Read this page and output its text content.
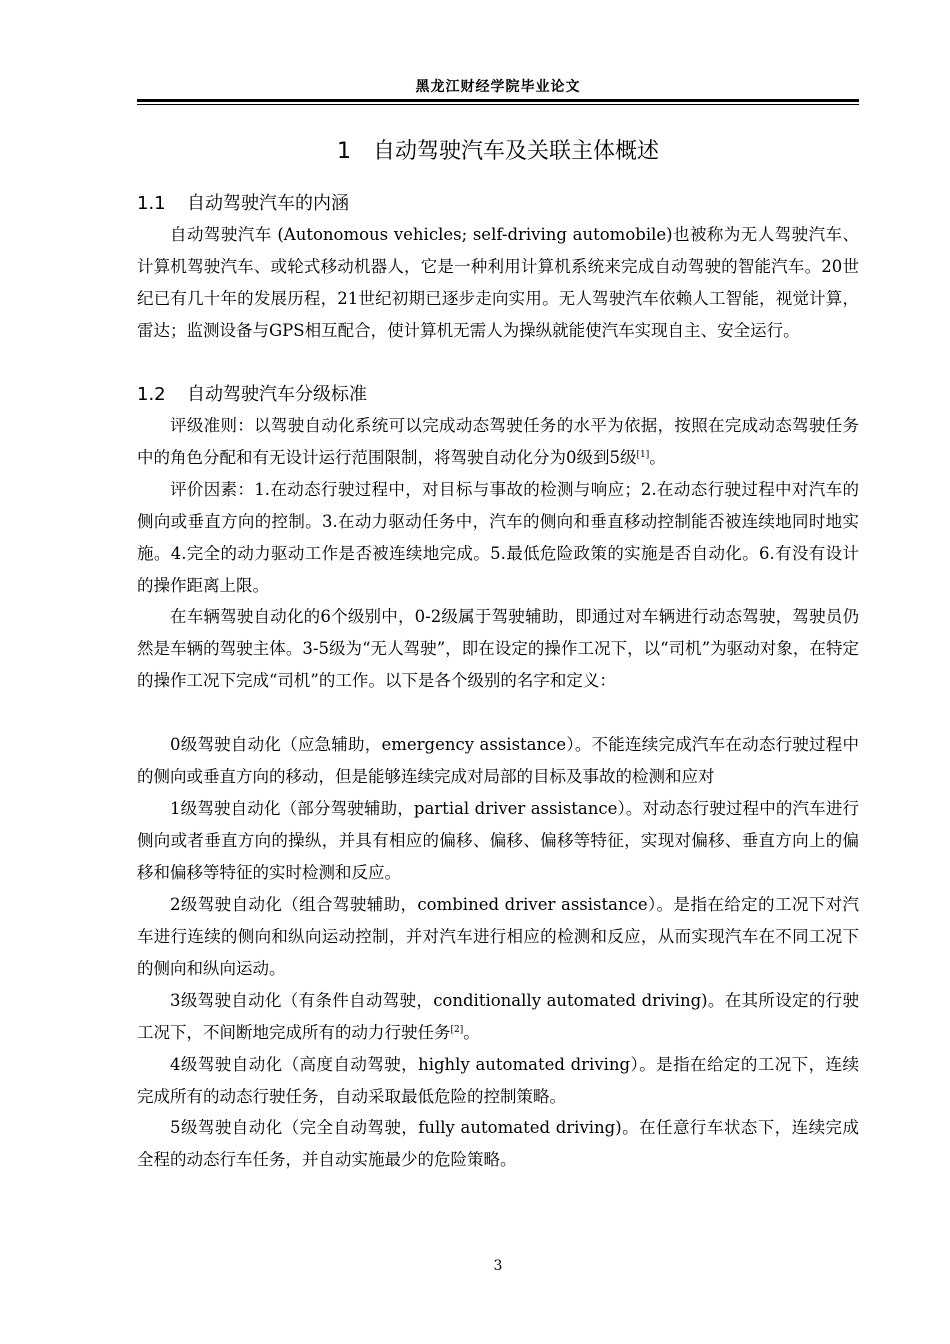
黑龙江财经学院毕业论文
1 自动驾驶汽车及关联主体概述
1.1 自动驾驶汽车的内涵
自动驾驶汽车 (Autonomous vehicles; self-driving automobile)也被称为无人驾驶汽车、计算机驾驶汽车、或轮式移动机器人，它是一种利用计算机系统来完成自动驾驶的智能汽车。20世纪已有几十年的发展历程，21世纪初期已逐步走向实用。无人驾驶汽车依赖人工智能，视觉计算，雷达；监测设备与GPS相互配合，使计算机无需人为操纵就能使汽车实现自主、安全运行。
1.2 自动驾驶汽车分级标准
评级准则：以驾驶自动化系统可以完成动态驾驶任务的水平为依据，按照在完成动态驾驶任务中的角色分配和有无设计运行范围限制，将驾驶自动化分为0级到5级[1]。
评价因素：1.在动态行驶过程中，对目标与事故的检测与响应；2.在动态行驶过程中对汽车的侧向或垂直方向的控制。3.在动力驱动任务中，汽车的侧向和垂直移动控制能否被连续地同时地实施。4.完全的动力驱动工作是否被连续地完成。5.最低危险政策的实施是否自动化。6.有没有设计的操作距离上限。
在车辆驾驶自动化的6个级别中，0-2级属于驾驶辅助，即通过对车辆进行动态驾驶，驾驶员仍然是车辆的驾驶主体。3-5级为“无人驾驶”，即在设定的操作工况下，以“司机”为驱动对象，在特定的操作工况下完成“司机”的工作。以下是各个级别的名字和定义：
0级驾驶自动化（应急辅助，emergency assistance）。不能连续完成汽车在动态行驶过程中的侧向或垂直方向的移动，但是能够连续完成对局部的目标及事故的检测和应对
1级驾驶自动化（部分驾驶辅助，partial driver assistance）。对动态行驶过程中的汽车进行侧向或者垂直方向的操纵，并具有相应的偏移、偏移、偏移等特征，实现对偏移、垂直方向上的偏移和偏移等特征的实时检测和反应。
2级驾驶自动化（组合驾驶辅助，combined driver assistance）。是指在给定的工况下对汽车进行连续的侧向和纵向运动控制，并对汽车进行相应的检测和反应，从而实现汽车在不同工况下的侧向和纵向运动。
3级驾驶自动化（有条件自动驾驶，conditionally automated driving)。在其所设定的行驶工况下，不间断地完成所有的动力行驶任务[2]。
4级驾驶自动化（高度自动驾驶，highly automated driving）。是指在给定的工况下，连续完成所有的动态行驶任务，自动采取最低危险的控制策略。
5级驾驶自动化（完全自动驾驶，fully automated driving)。在任意行车状态下，连续完成全程的动态行车任务，并自动实施最少的危险策略。
3
